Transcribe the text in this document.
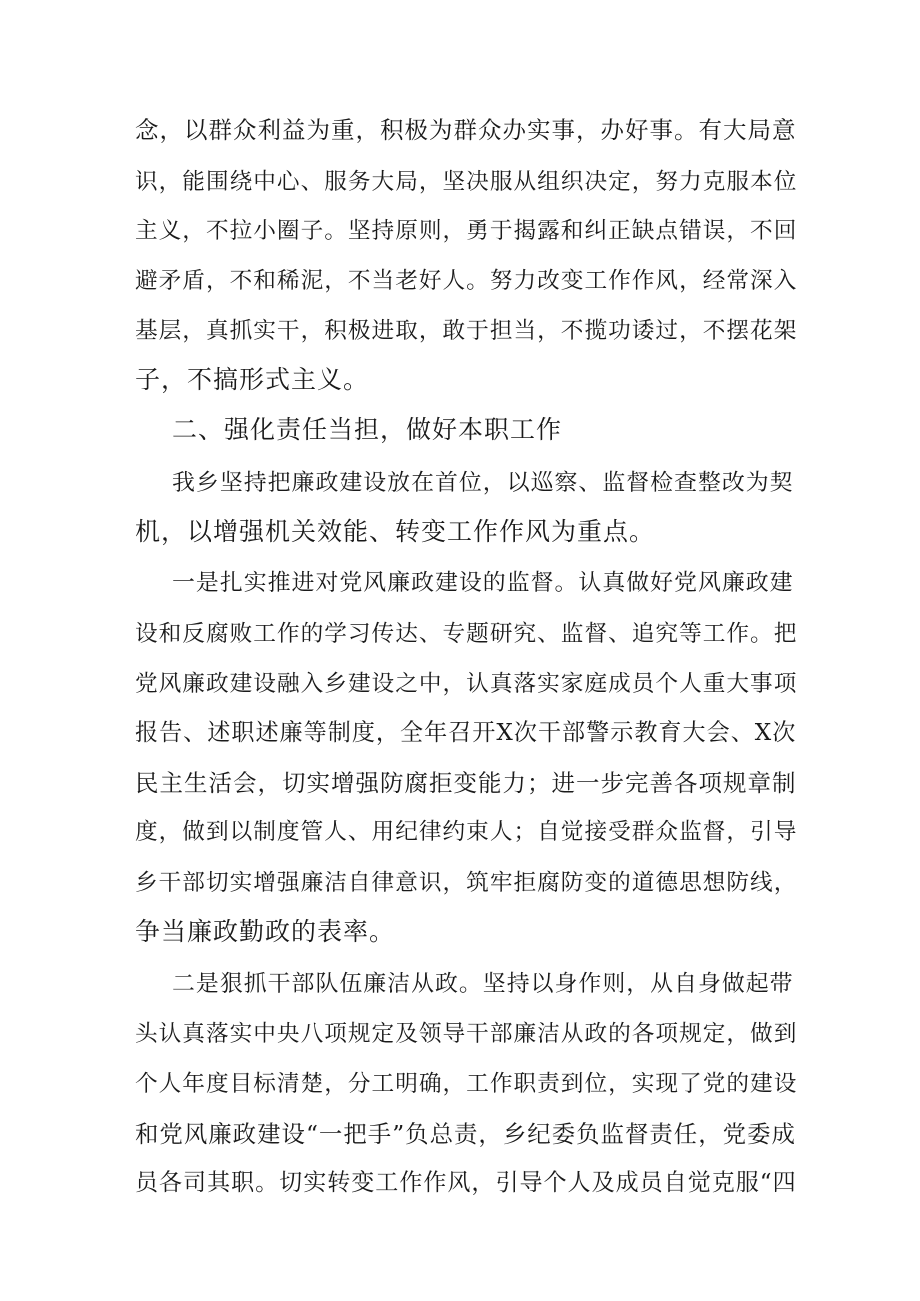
念，以群众利益为重，积极为群众办实事，办好事。有大局意
识，能围绕中心、服务大局，坚决服从组织决定，努力克服本位
主义，不拉小圈子。坚持原则，勇于揭露和纠正缺点错误，不回
避矛盾，不和稀泥，不当老好人。努力改变工作作风，经常深入
基层，真抓实干，积极进取，敢于担当，不揽功诿过，不摆花架
子，不搞形式主义。
二、强化责任当担，做好本职工作
我乡坚持把廉政建设放在首位，以巡察、监督检查整改为契
机，以增强机关效能、转变工作作风为重点。
一是扎实推进对党风廉政建设的监督。认真做好党风廉政建
设和反腐败工作的学习传达、专题研究、监督、追究等工作。把
党风廉政建设融入乡建设之中，认真落实家庭成员个人重大事项
报告、述职述廉等制度，全年召开X次干部警示教育大会、X次
民主生活会，切实增强防腐拒变能力；进一步完善各项规章制
度，做到以制度管人、用纪律约束人；自觉接受群众监督，引导
乡干部切实增强廉洁自律意识，筑牢拒腐防变的道德思想防线，
争当廉政勤政的表率。
二是狠抓干部队伍廉洁从政。坚持以身作则，从自身做起带
头认真落实中央八项规定及领导干部廉洁从政的各项规定，做到
个人年度目标清楚，分工明确，工作职责到位，实现了党的建设
和党风廉政建设“一把手”负总责，乡纪委负监督责任，党委成
员各司其职。切实转变工作作风，引导个人及成员自觉克服“四
